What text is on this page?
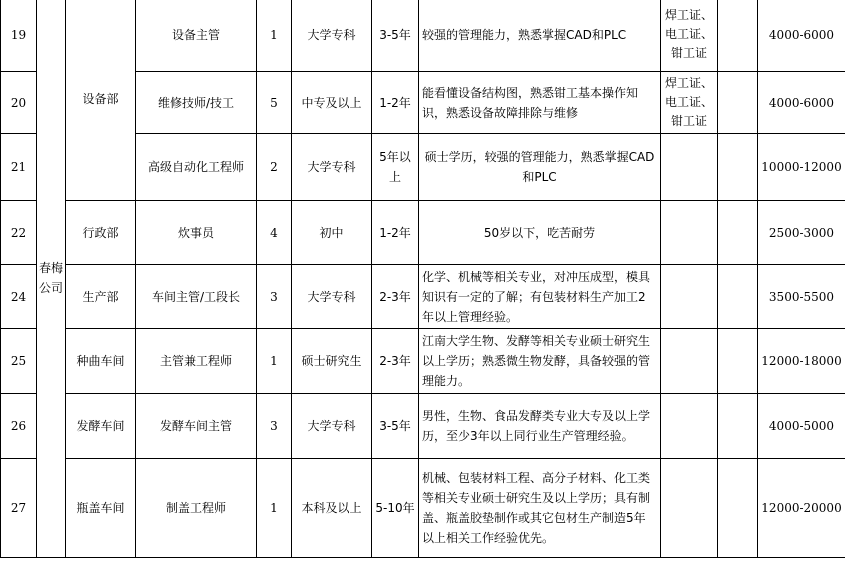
19	春梅公司	设备部	设备主管	1	大学专科	3-5年	较强的管理能力，熟悉掌握CAD和PLC	焊工证、电工证、钳工证		4000-6000
20			维修技师/技工	5	中专及以上	1-2年	能看懂设备结构图，熟悉钳工基本操作知识，熟悉设备故障排除与维修	焊工证、电工证、钳工证		4000-6000
21			高级自动化工程师	2	大学专科	5年以上	硕士学历，较强的管理能力，熟悉掌握CAD和PLC			10000-12000
22		行政部	炊事员	4	初中	1-2年	50岁以下，吃苦耐劳			2500-3000
24		生产部	车间主管/工段长	3	大学专科	2-3年	化学、机械等相关专业，对冲压成型，模具知识有一定的了解；有包装材料生产加工2年以上管理经验。			3500-5500
25		种曲车间	主管兼工程师	1	硕士研究生	2-3年	江南大学生物、发酵等相关专业硕士研究生以上学历；熟悉微生物发酵，具备较强的管理能力。			12000-18000
26		发酵车间	发酵车间主管	3	大学专科	3-5年	男性，生物、食品发酵类专业大专及以上学历，至少3年以上同行业生产管理经验。			4000-5000
27		瓶盖车间	制盖工程师	1	本科及以上	5-10年	机械、包装材料工程、高分子材料、化工类等相关专业硕士研究生及以上学历；具有制盖、瓶盖胶垫制作或其它包材生产制造5年以上相关工作经验优先。			12000-20000
